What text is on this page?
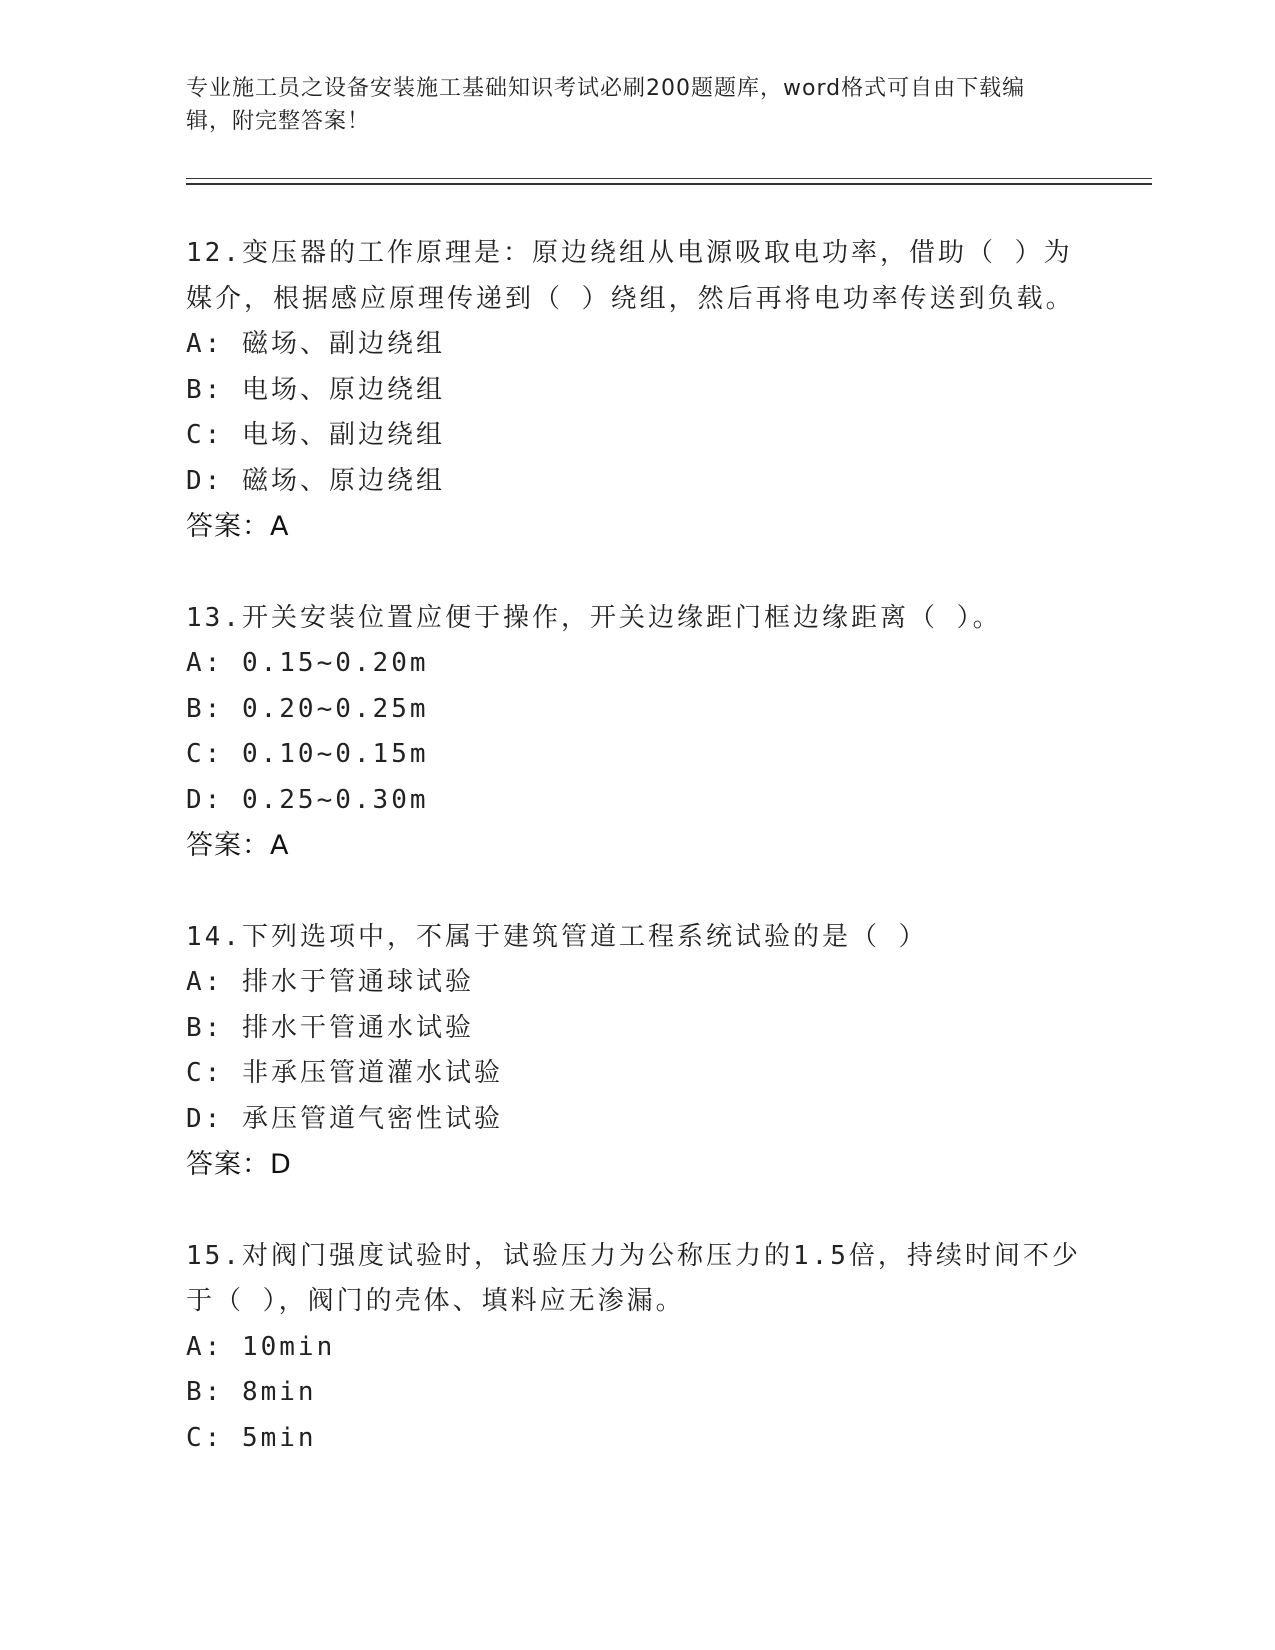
专业施工员之设备安装施工基础知识考试必刷200题题库，word格式可自由下载编辑，附完整答案！

12.变压器的工作原理是：原边绕组从电源吸取电功率，借助（ ）为媒介，根据感应原理传递到（ ）绕组，然后再将电功率传送到负载。

A: 磁场、副边绕组

B: 电场、原边绕组

C: 电场、副边绕组

D: 磁场、原边绕组

答案：A

13.开关安装位置应便于操作，开关边缘距门框边缘距离（ ）。

A: 0.15~0.20m

B: 0.20~0.25m

C: 0.10~0.15m

D: 0.25~0.30m

答案：A

14.下列选项中，不属于建筑管道工程系统试验的是（ ）

A: 排水于管通球试验

B: 排水干管通水试验

C: 非承压管道灌水试验

D: 承压管道气密性试验

答案：D

15.对阀门强度试验时，试验压力为公称压力的1.5倍，持续时间不少于（ ），阀门的壳体、填料应无渗漏。

A: 10min

B: 8min

C: 5min
